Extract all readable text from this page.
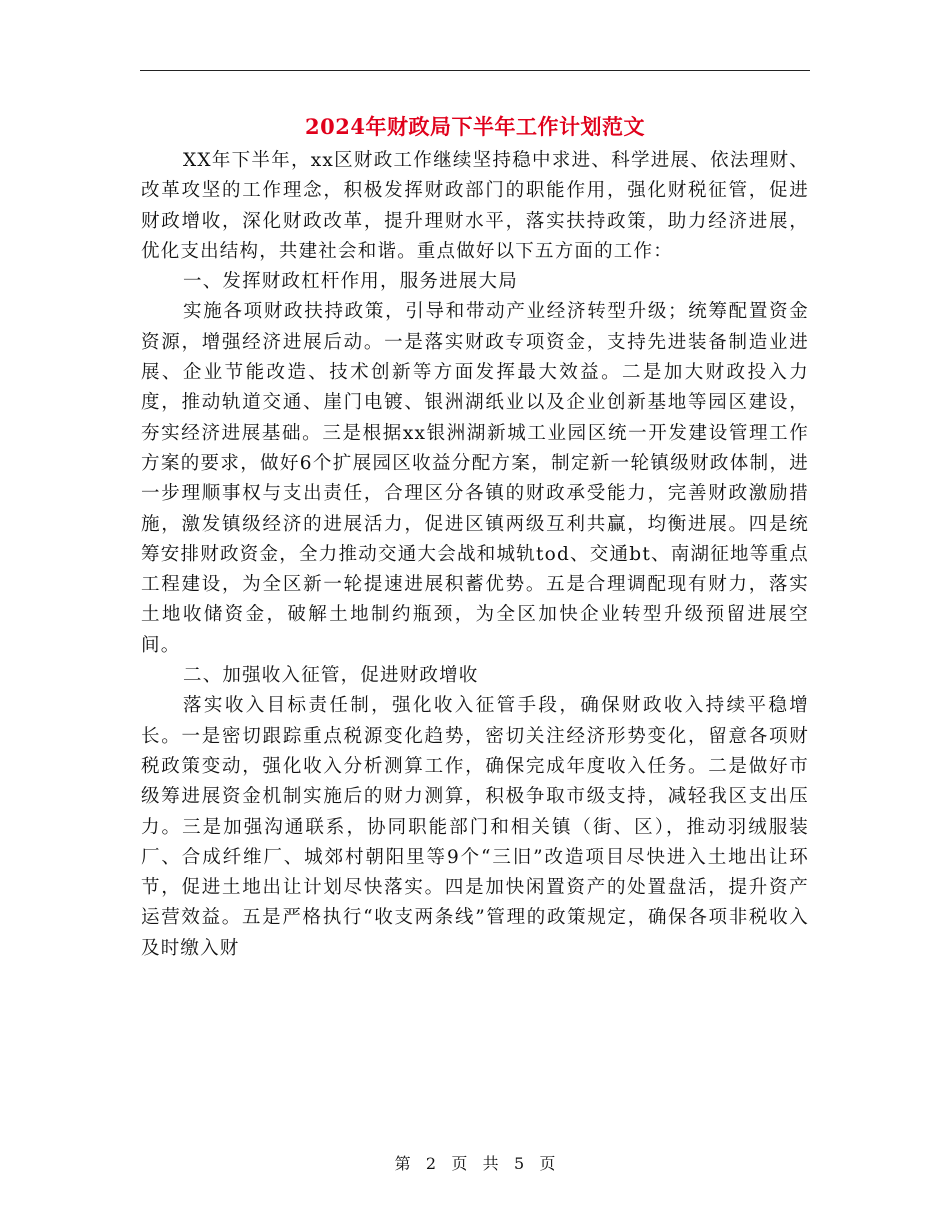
2024年财政局下半年工作计划范文

XX年下半年，xx区财政工作继续坚持稳中求进、科学进展、依法理财、改革攻坚的工作理念，积极发挥财政部门的职能作用，强化财税征管，促进财政增收，深化财政改革，提升理财水平，落实扶持政策，助力经济进展，优化支出结构，共建社会和谐。重点做好以下五方面的工作：

一、发挥财政杠杆作用，服务进展大局

实施各项财政扶持政策，引导和带动产业经济转型升级；统筹配置资金资源，增强经济进展后动。一是落实财政专项资金，支持先进装备制造业进展、企业节能改造、技术创新等方面发挥最大效益。二是加大财政投入力度，推动轨道交通、崖门电镀、银洲湖纸业以及企业创新基地等园区建设，夯实经济进展基础。三是根据xx银洲湖新城工业园区统一开发建设管理工作方案的要求，做好6个扩展园区收益分配方案，制定新一轮镇级财政体制，进一步理顺事权与支出责任，合理区分各镇的财政承受能力，完善财政激励措施，激发镇级经济的进展活力，促进区镇两级互利共赢，均衡进展。四是统筹安排财政资金，全力推动交通大会战和城轨tod、交通bt、南湖征地等重点工程建设，为全区新一轮提速进展积蓄优势。五是合理调配现有财力，落实土地收储资金，破解土地制约瓶颈，为全区加快企业转型升级预留进展空间。

二、加强收入征管，促进财政增收

落实收入目标责任制，强化收入征管手段，确保财政收入持续平稳增长。一是密切跟踪重点税源变化趋势，密切关注经济形势变化，留意各项财税政策变动，强化收入分析测算工作，确保完成年度收入任务。二是做好市级筹进展资金机制实施后的财力测算，积极争取市级支持，减轻我区支出压力。三是加强沟通联系，协同职能部门和相关镇（街、区），推动羽绒服装厂、合成纤维厂、城郊村朝阳里等9个“三旧”改造项目尽快进入土地出让环节，促进土地出让计划尽快落实。四是加快闲置资产的处置盘活，提升资产运营效益。五是严格执行“收支两条线”管理的政策规定，确保各项非税收入及时缴入财

第 2 页 共 5 页
